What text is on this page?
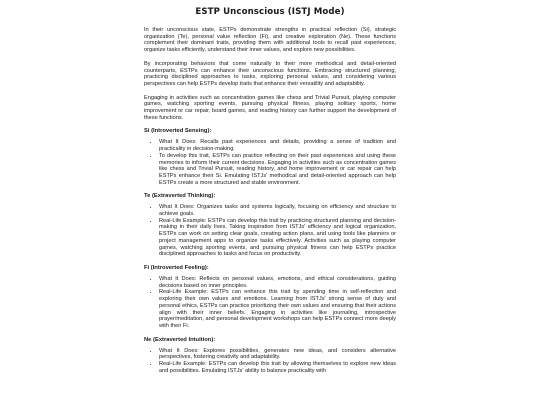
ESTP Unconscious (ISTJ Mode)

In their unconscious state, ESTPs demonstrate strengths in practical reflection (Si), strategic organization (Te), personal value reflection (Fi), and creative exploration (Ne). These functions complement their dominant traits, providing them with additional tools to recall past experiences, organize tasks efficiently, understand their inner values, and explore new possibilities.

By incorporating behaviors that come naturally to their more methodical and detail-oriented counterparts, ESTPs can enhance their unconscious functions. Embracing structured planning, practicing disciplined approaches to tasks, exploring personal values, and considering various perspectives can help ESTPs develop traits that enhance their versatility and adaptability.

Engaging in activities such as concentration games like chess and Trivial Pursuit, playing computer games, watching sporting events, pursuing physical fitness, playing solitary sports, home improvement or car repair, board games, and reading history can further support the development of these functions.

Si (Introverted Sensing):
• What It Does: Recalls past experiences and details, providing a sense of tradition and practicality in decision-making.
• To develop this trait, ESTPs can practice reflecting on their past experiences and using these memories to inform their current decisions. Engaging in activities such as concentration games like chess and Trivial Pursuit, reading history, and home improvement or car repair can help ESTPs enhance their Si. Emulating ISTJs' methodical and detail-oriented approach can help ESTPs create a more structured and stable environment.
Te (Extraverted Thinking):
• What It Does: Organizes tasks and systems logically, focusing on efficiency and structure to achieve goals.
• Real-Life Example: ESTPs can develop this trait by practicing structured planning and decision-making in their daily lives. Taking inspiration from ISTJs' efficiency and logical organization, ESTPs can work on setting clear goals, creating action plans, and using tools like planners or project management apps to organize tasks effectively. Activities such as playing computer games, watching sporting events, and pursuing physical fitness can help ESTPs practice disciplined approaches to tasks and focus on productivity.
Fi (Introverted Feeling):
• What It Does: Reflects on personal values, emotions, and ethical considerations, guiding decisions based on inner principles.
• Real-Life Example: ESTPs can enhance this trait by spending time in self-reflection and exploring their own values and emotions. Learning from ISTJs' strong sense of duty and personal ethics, ESTPs can practice prioritizing their own values and ensuring that their actions align with their inner beliefs. Engaging in activities like journaling, introspective prayer/meditation, and personal development workshops can help ESTPs connect more deeply with their Fi.
Ne (Extraverted Intuition):
• What It Does: Explores possibilities, generates new ideas, and considers alternative perspectives, fostering creativity and adaptability.
• Real-Life Example: ESTPs can develop this trait by allowing themselves to explore new ideas and possibilities. Emulating ISTJs' ability to balance practicality with
